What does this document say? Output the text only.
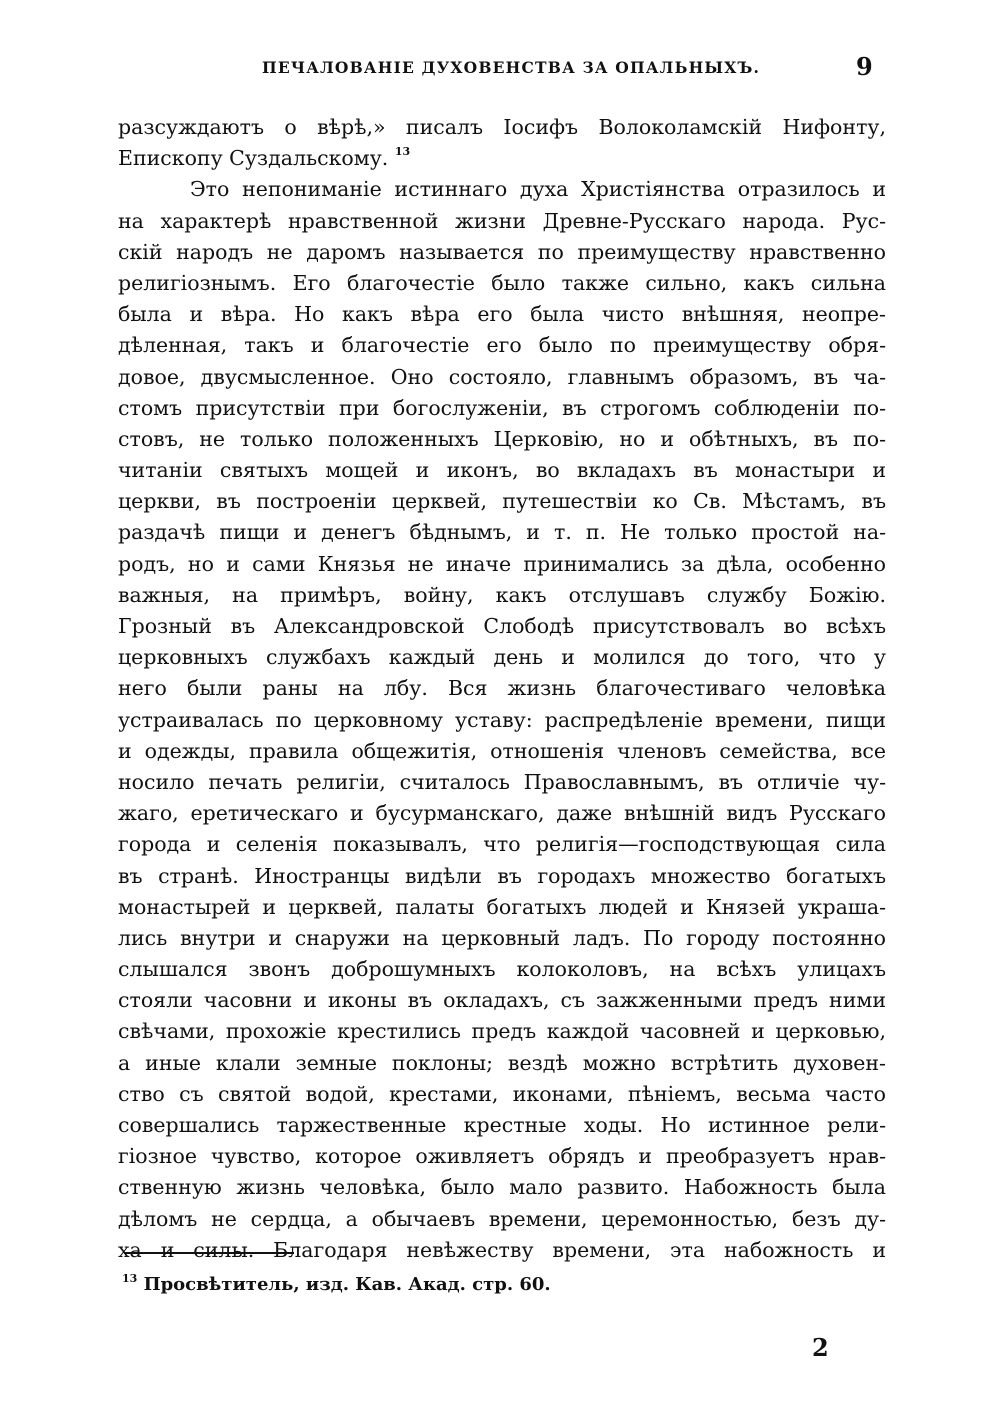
ПЕЧАЛОВАНІЕ ДУХОВЕНСТВА ЗА ОПАЛЬНЫХЪ.	9
разсуждаютъ о вѣрѣ,» писалъ Іосифъ Волоколамскій Нифонту,
Епископу Суздальскому. $^{13}$
Это непониманіе истиннаго духа Христіянства отразилось и
на характерѣ нравственной жизни Древне-Русскаго народа. Рус-
скій народъ не даромъ называется по преимуществу нравственно
религіознымъ. Его благочестіе было также сильно, какъ сильна
была и вѣра. Но какъ вѣра его была чисто внѣшняя, неопре-
дѣленная, такъ и благочестіе его было по преимуществу обря-
довое, двусмысленное. Оно состояло, главнымъ образомъ, въ ча-
стомъ присутствіи при богослуженіи, въ строгомъ соблюденіи по-
стовъ, не только положенныхъ Церковію, но и обѣтныхъ, въ по-
читаніи святыхъ мощей и иконъ, во вкладахъ въ монастыри и
церкви, въ построеніи церквей, путешествіи ко Св. Мѣстамъ, въ
раздачѣ пищи и денегъ бѣднымъ, и т. п. Не только простой на-
родъ, но и сами Князья не иначе принимались за дѣла, особенно
важныя, на примѣръ, войну, какъ отслушавъ службу Божію.
Грозный въ Александровской Слободѣ присутствовалъ во всѣхъ
церковныхъ службахъ каждый день и молился до того, что у
него были раны на лбу. Вся жизнь благочестиваго человѣка
устраивалась по церковному уставу: распредѣленіе времени, пищи
и одежды, правила общежитія, отношенія членовъ семейства, все
носило печать религіи, считалось Православнымъ, въ отличіе чу-
жаго, еретическаго и бусурманскаго, даже внѣшній видъ Русскаго
города и селенія показывалъ, что религія—господствующая сила
въ странѣ. Иностранцы видѣли въ городахъ множество богатыхъ
монастырей и церквей, палаты богатыхъ людей и Князей украша-
лись внутри и снаружи на церковный ладъ. По городу постоянно
слышался звонъ доброшумныхъ колоколовъ, на всѣхъ улицахъ
стояли часовни и иконы въ окладахъ, съ зажженными предъ ними
свѣчами, прохожіе крестились предъ каждой часовней и церковью,
а иные клали земные поклоны; вездѣ можно встрѣтить духовен-
ство съ святой водой, крестами, иконами, пѣніемъ, весьма часто
совершались таржественные крестные ходы. Но истинное рели-
гіозное чувство, которое оживляетъ обрядъ и преобразуетъ нрав-
ственную жизнь человѣка, было мало развито. Набожность была
дѣломъ не сердца, а обычаевъ времени, церемонностью, безъ ду-
ха и силы. Благодаря невѣжеству времени, эта набожность и
$^{13}$ Просвѣтитель, изд. Кав. Акад. стр. 60.
2
